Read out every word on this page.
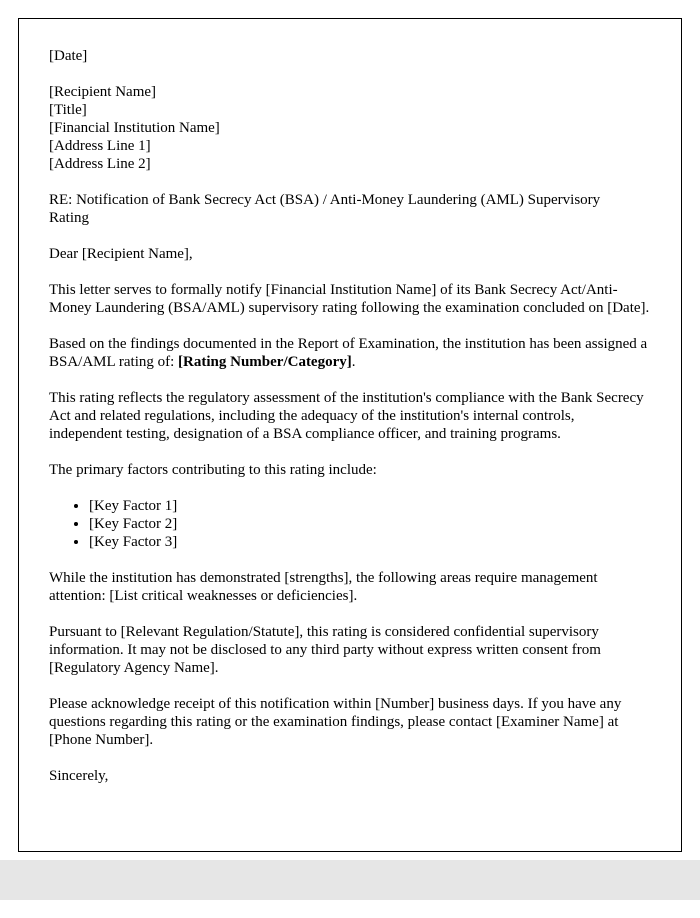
[Date]

[Recipient Name]
[Title]
[Financial Institution Name]
[Address Line 1]
[Address Line 2]

RE: Notification of Bank Secrecy Act (BSA) / Anti-Money Laundering (AML) Supervisory Rating

Dear [Recipient Name],

This letter serves to formally notify [Financial Institution Name] of its Bank Secrecy Act/Anti-Money Laundering (BSA/AML) supervisory rating following the examination concluded on [Date].

Based on the findings documented in the Report of Examination, the institution has been assigned a BSA/AML rating of: [Rating Number/Category].

This rating reflects the regulatory assessment of the institution's compliance with the Bank Secrecy Act and related regulations, including the adequacy of the institution's internal controls, independent testing, designation of a BSA compliance officer, and training programs.

The primary factors contributing to this rating include:

• [Key Factor 1]
• [Key Factor 2]
• [Key Factor 3]

While the institution has demonstrated [strengths], the following areas require management attention: [List critical weaknesses or deficiencies].

Pursuant to [Relevant Regulation/Statute], this rating is considered confidential supervisory information. It may not be disclosed to any third party without express written consent from [Regulatory Agency Name].

Please acknowledge receipt of this notification within [Number] business days. If you have any questions regarding this rating or the examination findings, please contact [Examiner Name] at [Phone Number].

Sincerely,
